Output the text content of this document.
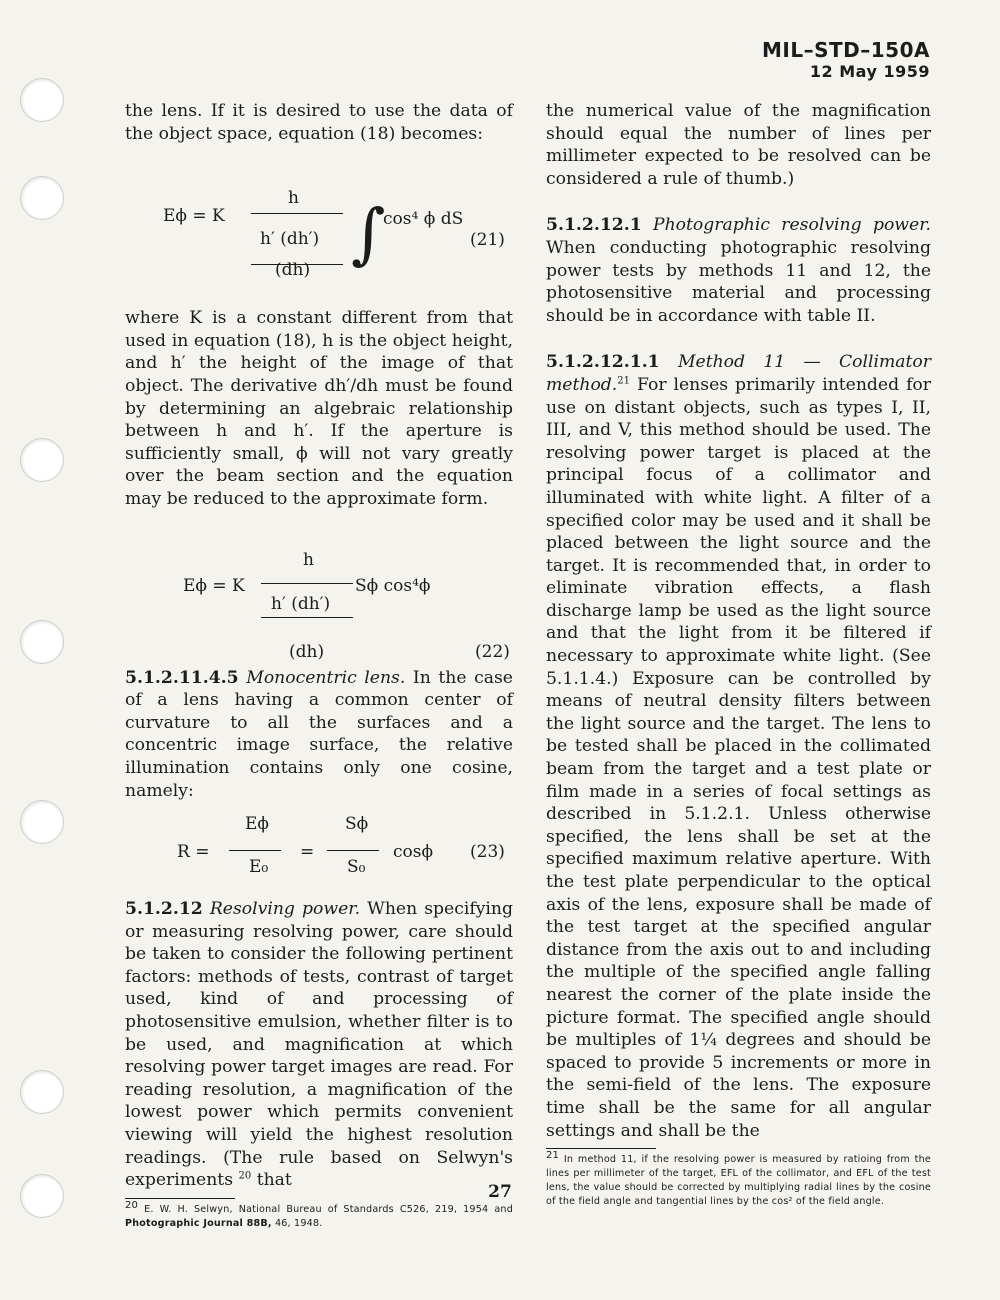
MIL–STD–150A
12 May 1959

the lens. If it is desired to use the data of the object space, equation (18) becomes:

Eϕ = K
h
h′ (dh′) ∫
cos⁴ ϕ dS
(21)
(dh)

where K is a constant different from that used in equation (18), h is the object height, and h′ the height of the image of that object. The derivative dh′/dh must be found by determining an algebraic relationship between h and h′. If the aperture is sufficiently small, ϕ will not vary greatly over the beam section and the equation may be reduced to the approximate form.

h
Eϕ = K	Sϕ cos⁴ϕ
h′ (dh′)
(dh)	(22)

5.1.2.11.4.5 Monocentric lens. In the case of a lens having a common center of curvature to all the surfaces and a concentric image surface, the relative illumination contains only one cosine, namely:

R =
Eϕ
E₀
=
Sϕ
S₀
cosϕ (23)

5.1.2.12 Resolving power. When specifying or measuring resolving power, care should be taken to consider the following pertinent factors: methods of tests, contrast of target used, kind of and processing of photosensitive emulsion, whether filter is to be used, and magnification at which resolving power target images are read. For reading resolution, a magnification of the lowest power which permits convenient viewing will yield the highest resolution readings. (The rule based on Selwyn's experiments $^{20}$ that

$^{20}$ E. W. H. Selwyn, National Bureau of Standards C526, 219, 1954 and Photographic Journal 88B, 46, 1948.

the numerical value of the magnification should equal the number of lines per millimeter expected to be resolved can be considered a rule of thumb.)

5.1.2.12.1 Photographic resolving power. When conducting photographic resolving power tests by methods 11 and 12, the photosensitive material and processing should be in accordance with table II.

5.1.2.12.1.1 Method 11 — Collimator method.$^{21}$ For lenses primarily intended for use on distant objects, such as types I, II, III, and V, this method should be used. The resolving power target is placed at the principal focus of a collimator and illuminated with white light. A filter of a specified color may be used and it shall be placed between the light source and the target. It is recommended that, in order to eliminate vibration effects, a flash discharge lamp be used as the light source and that the light from it be filtered if necessary to approximate white light. (See 5.1.1.4.) Exposure can be controlled by means of neutral density filters between the light source and the target. The lens to be tested shall be placed in the collimated beam from the target and a test plate or film made in a series of focal settings as described in 5.1.2.1. Unless otherwise specified, the lens shall be set at the specified maximum relative aperture. With the test plate perpendicular to the optical axis of the lens, exposure shall be made of the test target at the specified angular distance from the axis out to and including the multiple of the specified angle falling nearest the corner of the plate inside the picture format. The specified angle should be multiples of 1¼ degrees and should be spaced to provide 5 increments or more in the semi-field of the lens. The exposure time shall be the same for all angular settings and shall be the

$^{21}$ In method 11, if the resolving power is measured by ratioing from the lines per millimeter of the target, EFL of the collimator, and EFL of the test lens, the value should be corrected by multiplying radial lines by the cosine of the field angle and tangential lines by the cos² of the field angle.

27
